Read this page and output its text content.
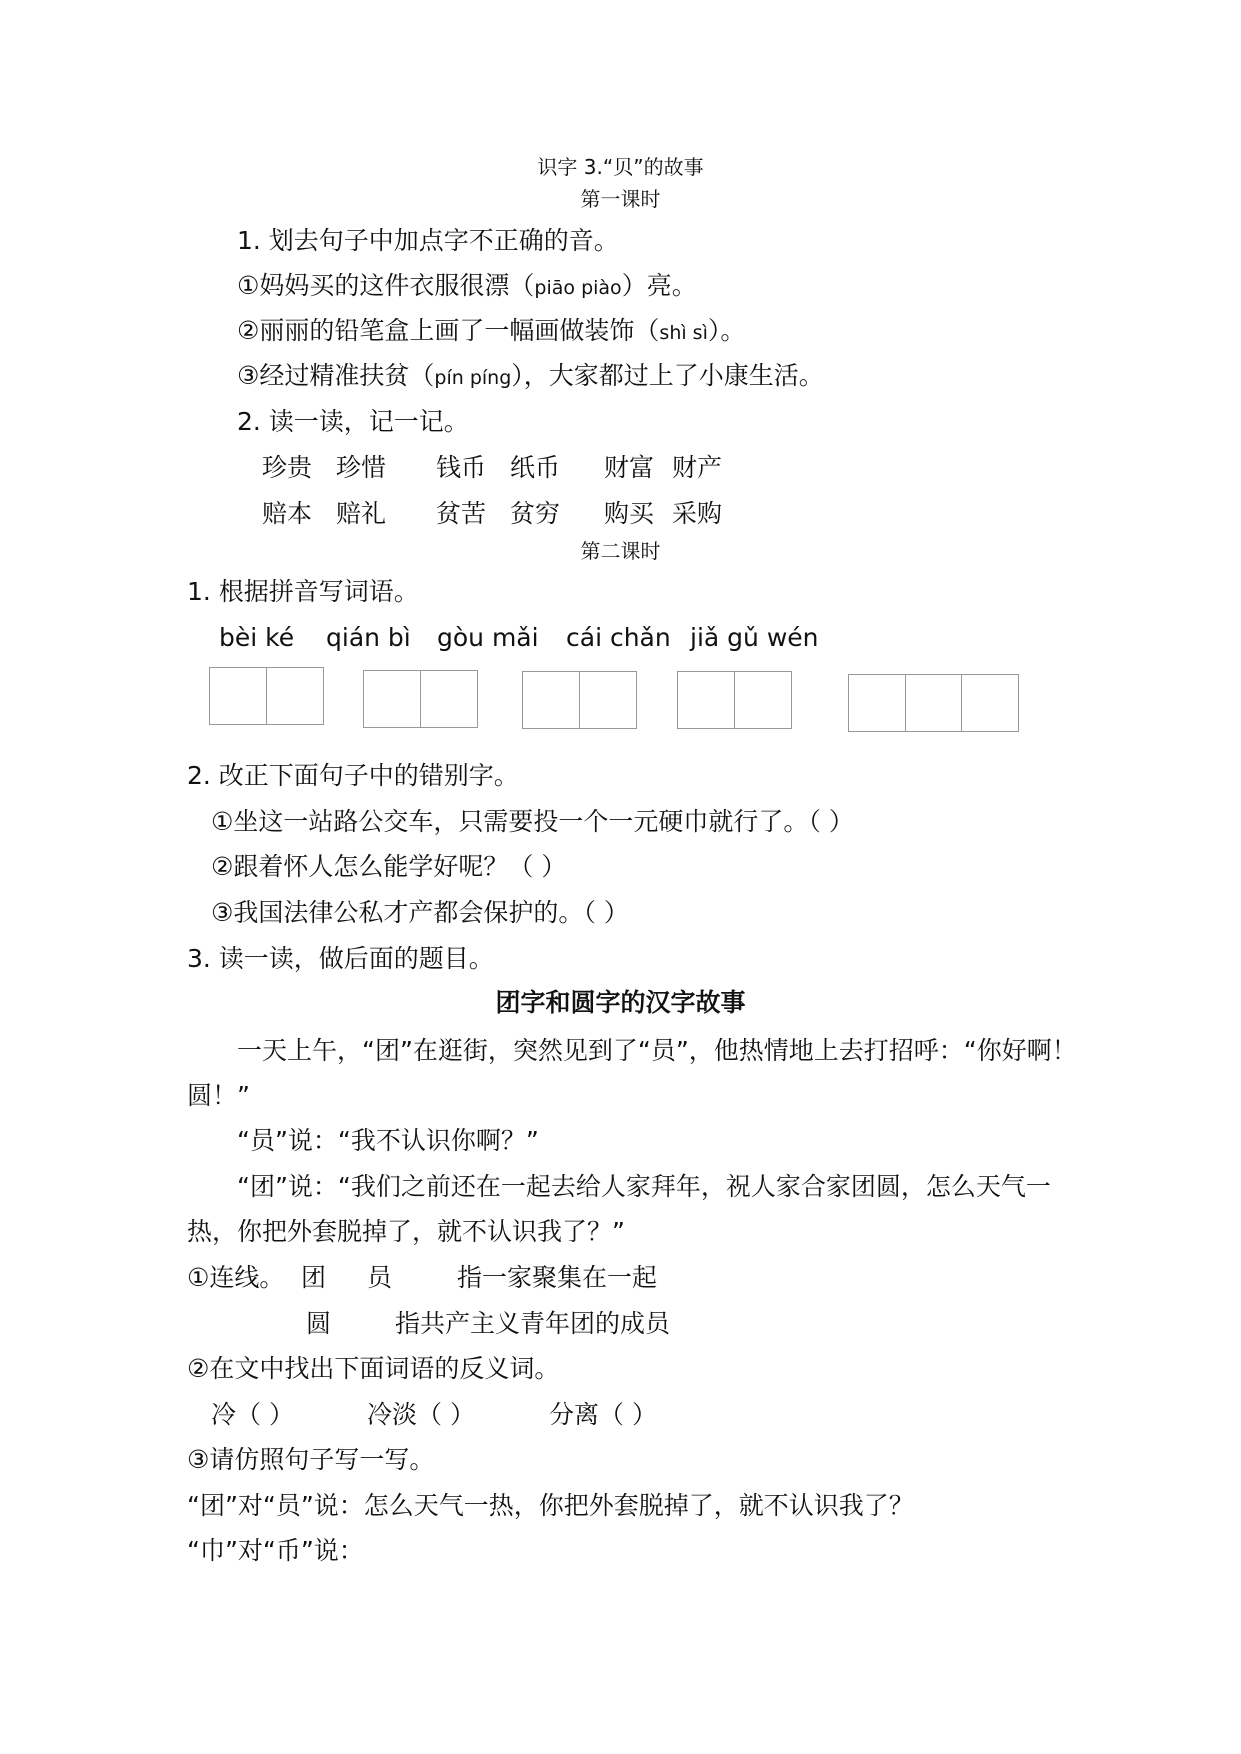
识字 3.“贝”的故事
第一课时
1. 划去句子中加点字不正确的音。
①妈妈买的这件衣服很漂（piāo piào）亮。
②丽丽的铅笔盒上画了一幅画做装饰（shì sì）。
③经过精准扶贫（pín píng），大家都过上了小康生活。
2. 读一读，记一记。
珍贵 珍惜 钱币 纸币 财富 财产
赔本 赔礼 贫苦 贫穷 购买 采购
第二课时
1. 根据拼音写词语。
bèi ké qián bì gòu mǎi cái chǎn jiǎ gǔ wén
2. 改正下面句子中的错别字。
①坐这一站路公交车，只需要投一个一元硬巾就行了。（ ）
②跟着怀人怎么能学好呢？（ ）
③我国法律公私才产都会保护的。（ ）
3. 读一读，做后面的题目。
团字和圆字的汉字故事
一天上午，“团”在逛街，突然见到了“员”，他热情地上去打招呼：“你好啊！
圆！”
“员”说：“我不认识你啊？”
“团”说：“我们之前还在一起去给人家拜年，祝人家合家团圆，怎么天气一
热，你把外套脱掉了，就不认识我了？”
①连线。 团 员	指一家聚集在一起
圆	指共产主义青年团的成员
②在文中找出下面词语的反义词。
冷（ ）	冷淡（ ）	分离（ ）
③请仿照句子写一写。
“团”对“员”说：怎么天气一热，你把外套脱掉了，就不认识我了？
“巾”对“币”说：
